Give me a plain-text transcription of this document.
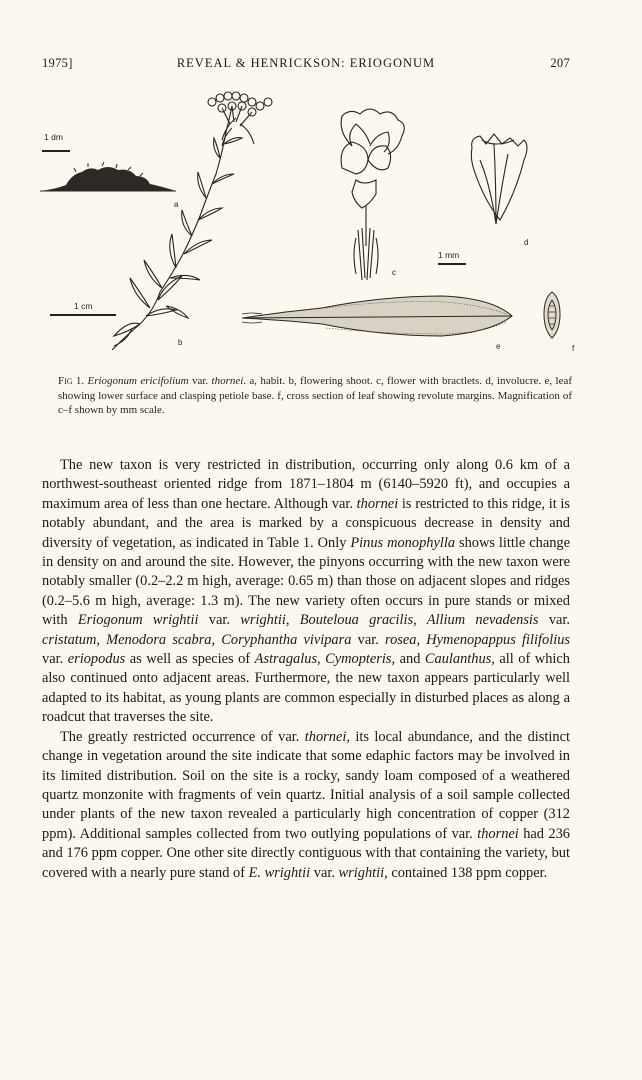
1975]	REVEAL & HENRICKSON: ERIOGONUM	207
1 dm
1 cm
1 mm
a
b
c
d
e	f
Fig 1. Eriogonum ericifolium var. thornei. a, habit. b, flowering shoot. c, flower with bractlets. d, involucre. e, leaf showing lower surface and clasping petiole base. f, cross section of leaf showing revolute margins. Magnification of c–f shown by mm scale.

The new taxon is very restricted in distribution, occurring only along 0.6 km of a northwest-southeast oriented ridge from 1871–1804 m (6140–5920 ft), and occupies a maximum area of less than one hectare. Although var. thornei is restricted to this ridge, it is notably abundant, and the area is marked by a conspicuous decrease in density and diversity of vegetation, as indicated in Table 1. Only Pinus monophylla shows little change in density on and around the site. However, the pinyons occurring with the new taxon were notably smaller (0.2–2.2 m high, average: 0.65 m) than those on adjacent slopes and ridges (0.2–5.6 m high, average: 1.3 m). The new variety often occurs in pure stands or mixed with Eriogonum wrightii var. wrightii, Bouteloua gracilis, Allium nevadensis var. cristatum, Menodora scabra, Coryphantha vivipara var. rosea, Hymenopappus filifolius var. eriopodus as well as species of Astragalus, Cymopteris, and Caulanthus, all of which also continued onto adjacent areas. Furthermore, the new taxon appears particularly well adapted to its habitat, as young plants are common especially in disturbed places as along a roadcut that traverses the site.

The greatly restricted occurrence of var. thornei, its local abundance, and the distinct change in vegetation around the site indicate that some edaphic factors may be involved in its limited distribution. Soil on the site is a rocky, sandy loam composed of a weathered quartz monzonite with fragments of vein quartz. Initial analysis of a soil sample collected under plants of the new taxon revealed a particularly high concentration of copper (312 ppm). Additional samples collected from two outlying populations of var. thornei had 236 and 176 ppm copper. One other site directly contiguous with that containing the variety, but covered with a nearly pure stand of E. wrightii var. wrightii, contained 138 ppm copper.
